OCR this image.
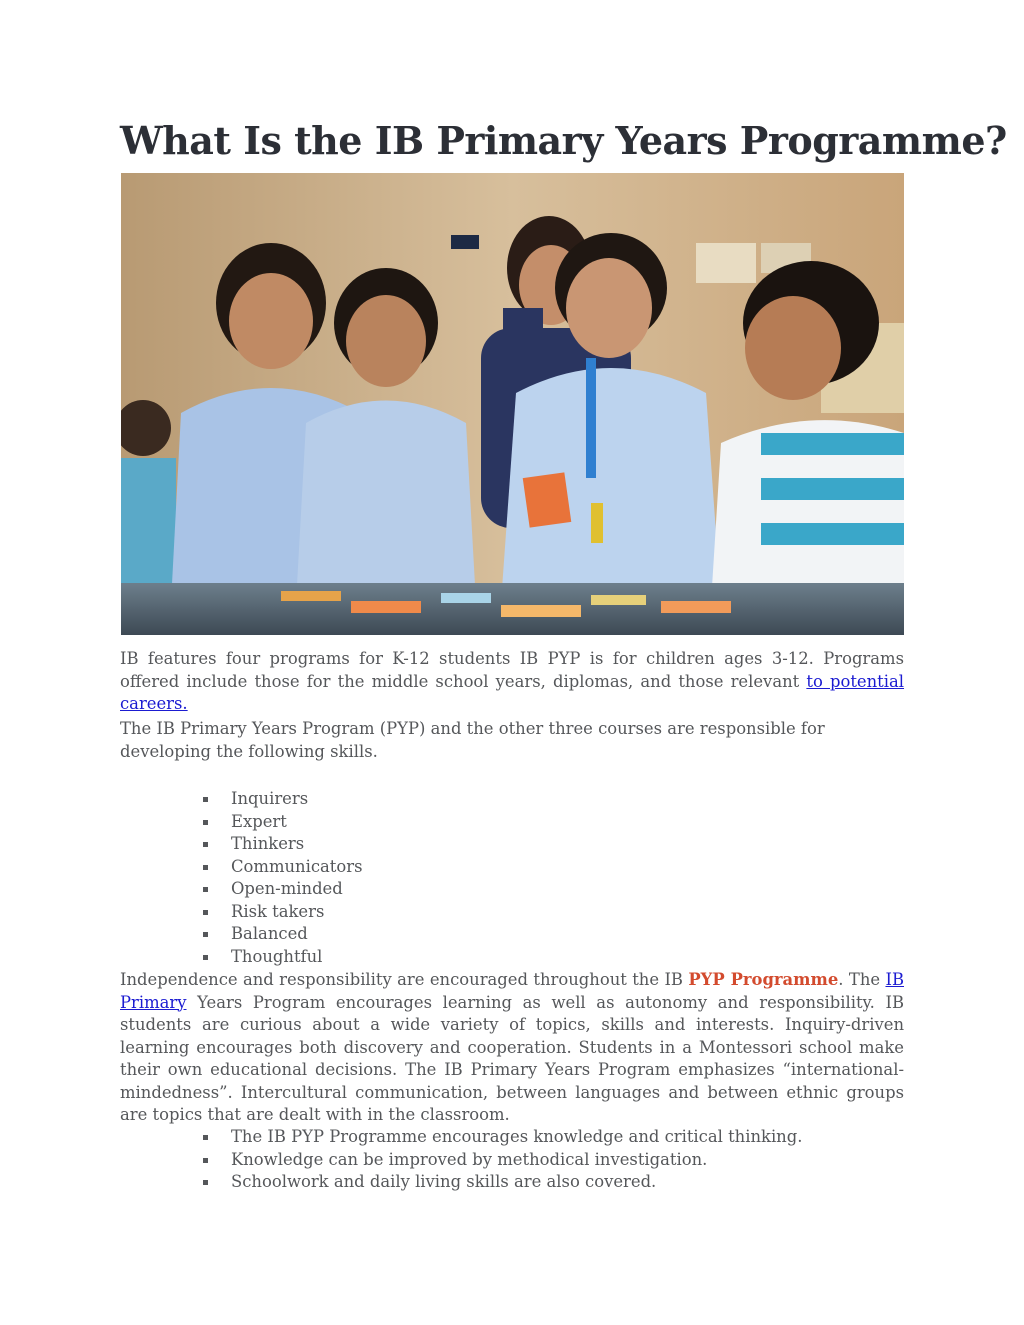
What Is the IB Primary Years Programme?
IB features four programs for K-12 students IB PYP is for children ages 3-12. Programs offered include those for the middle school years, diplomas, and those relevant to potential careers.
The IB Primary Years Program (PYP) and the other three courses are responsible for developing the following skills.
Inquirers
Expert
Thinkers
Communicators
Open-minded
Risk takers
Balanced
Thoughtful
Independence and responsibility are encouraged throughout the IB PYP Programme. The IB Primary Years Program encourages learning as well as autonomy and responsibility. IB students are curious about a wide variety of topics, skills and interests. Inquiry-driven learning encourages both discovery and cooperation. Students in a Montessori school make their own educational decisions. The IB Primary Years Program emphasizes “international-mindedness”. Intercultural communication, between languages and between ethnic groups are topics that are dealt with in the classroom.
The IB PYP Programme encourages knowledge and critical thinking.
Knowledge can be improved by methodical investigation.
Schoolwork and daily living skills are also covered.
